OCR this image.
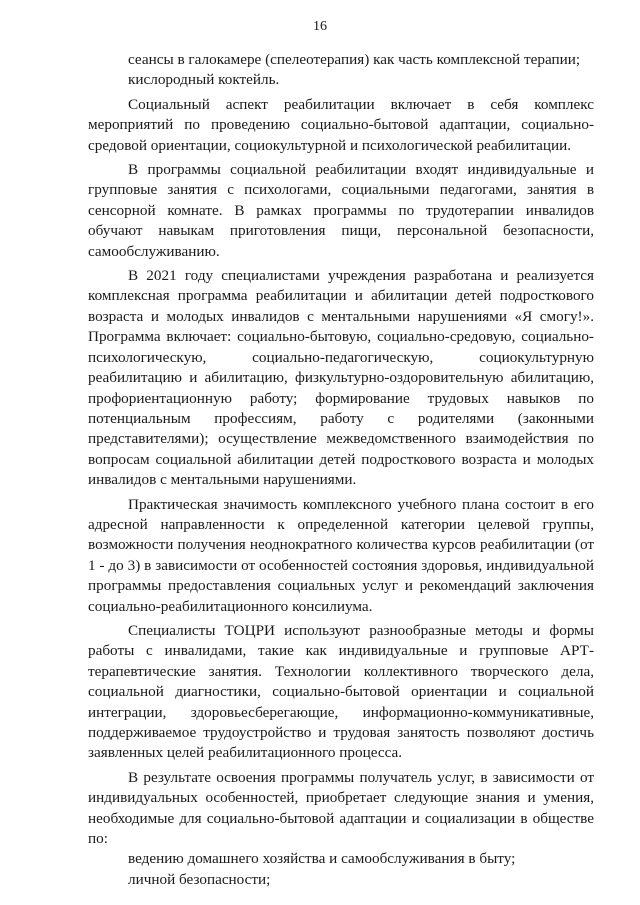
16

сеансы в галокамере (спелеотерапия) как часть комплексной терапии;

кислородный коктейль.

Социальный аспект реабилитации включает в себя комплекс мероприятий по проведению социально-бытовой адаптации, социально-средовой ориентации, социокультурной и психологической реабилитации.

В программы социальной реабилитации входят индивидуальные и групповые занятия с психологами, социальными педагогами, занятия в сенсорной комнате. В рамках программы по трудотерапии инвалидов обучают навыкам приготовления пищи, персональной безопасности, самообслуживанию.

В 2021 году специалистами учреждения разработана и реализуется комплексная программа реабилитации и абилитации детей подросткового возраста и молодых инвалидов с ментальными нарушениями «Я смогу!». Программа включает: социально-бытовую, социально-средовую, социально-психологическую, социально-педагогическую, социокультурную реабилитацию и абилитацию, физкультурно-оздоровительную абилитацию, профориентационную работу; формирование трудовых навыков по потенциальным профессиям, работу с родителями (законными представителями); осуществление межведомственного взаимодействия по вопросам социальной абилитации детей подросткового возраста и молодых инвалидов с ментальными нарушениями.

Практическая значимость комплексного учебного плана состоит в его адресной направленности к определенной категории целевой группы, возможности получения неоднократного количества курсов реабилитации (от 1 - до 3) в зависимости от особенностей состояния здоровья, индивидуальной программы предоставления социальных услуг и рекомендаций заключения социально-реабилитационного консилиума.

Специалисты ТОЦРИ используют разнообразные методы и формы работы с инвалидами, такие как индивидуальные и групповые АРТ-терапевтические занятия. Технологии коллективного творческого дела, социальной диагностики, социально-бытовой ориентации и социальной интеграции, здоровьесберегающие, информационно-коммуникативные, поддерживаемое трудоустройство и трудовая занятость позволяют достичь заявленных целей реабилитационного процесса.

В результате освоения программы получатель услуг, в зависимости от индивидуальных особенностей, приобретает следующие знания и умения, необходимые для социально-бытовой адаптации и социализации в обществе по:

ведению домашнего хозяйства и самообслуживания в быту;

личной безопасности;
